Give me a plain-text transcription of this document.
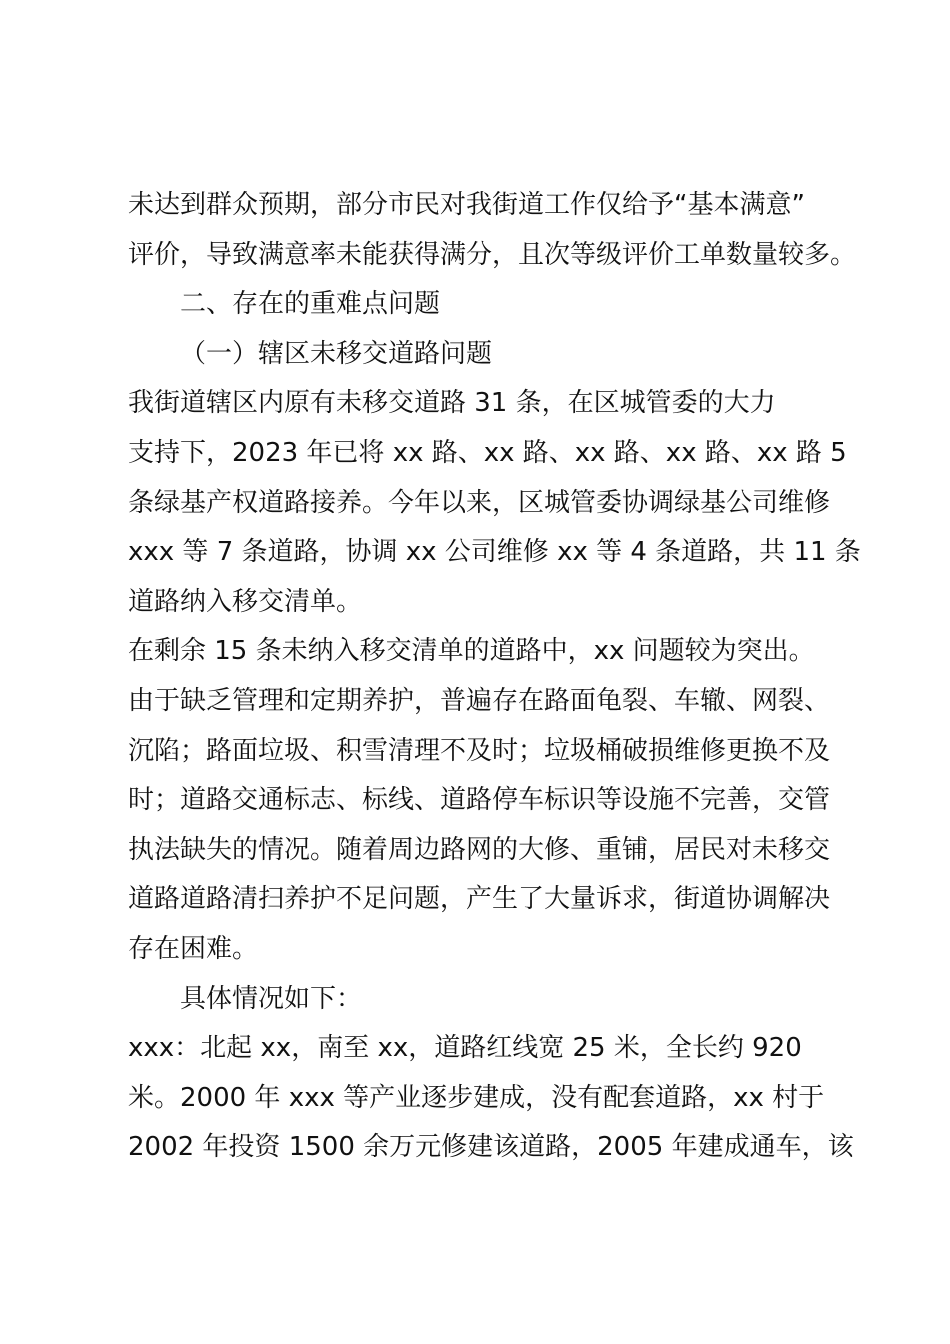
未达到群众预期，部分市民对我街道工作仅给予“基本满意”
评价，导致满意率未能获得满分，且次等级评价工单数量较多。

二、存在的重难点问题

（一）辖区未移交道路问题

我街道辖区内原有未移交道路 31 条，在区城管委的大力
支持下，2023 年已将 xx 路、xx 路、xx 路、xx 路、xx 路 5
条绿基产权道路接养。今年以来，区城管委协调绿基公司维修
xxx 等 7 条道路，协调 xx 公司维修 xx 等 4 条道路，共 11 条
道路纳入移交清单。

在剩余 15 条未纳入移交清单的道路中，xx 问题较为突出。
由于缺乏管理和定期养护，普遍存在路面龟裂、车辙、网裂、
沉陷；路面垃圾、积雪清理不及时；垃圾桶破损维修更换不及
时；道路交通标志、标线、道路停车标识等设施不完善，交管
执法缺失的情况。随着周边路网的大修、重铺，居民对未移交
道路道路清扫养护不足问题，产生了大量诉求，街道协调解决
存在困难。

具体情况如下：

xxx：北起 xx，南至 xx，道路红线宽 25 米，全长约 920
米。2000 年 xxx 等产业逐步建成，没有配套道路，xx 村于
2002 年投资 1500 余万元修建该道路，2005 年建成通车，该
